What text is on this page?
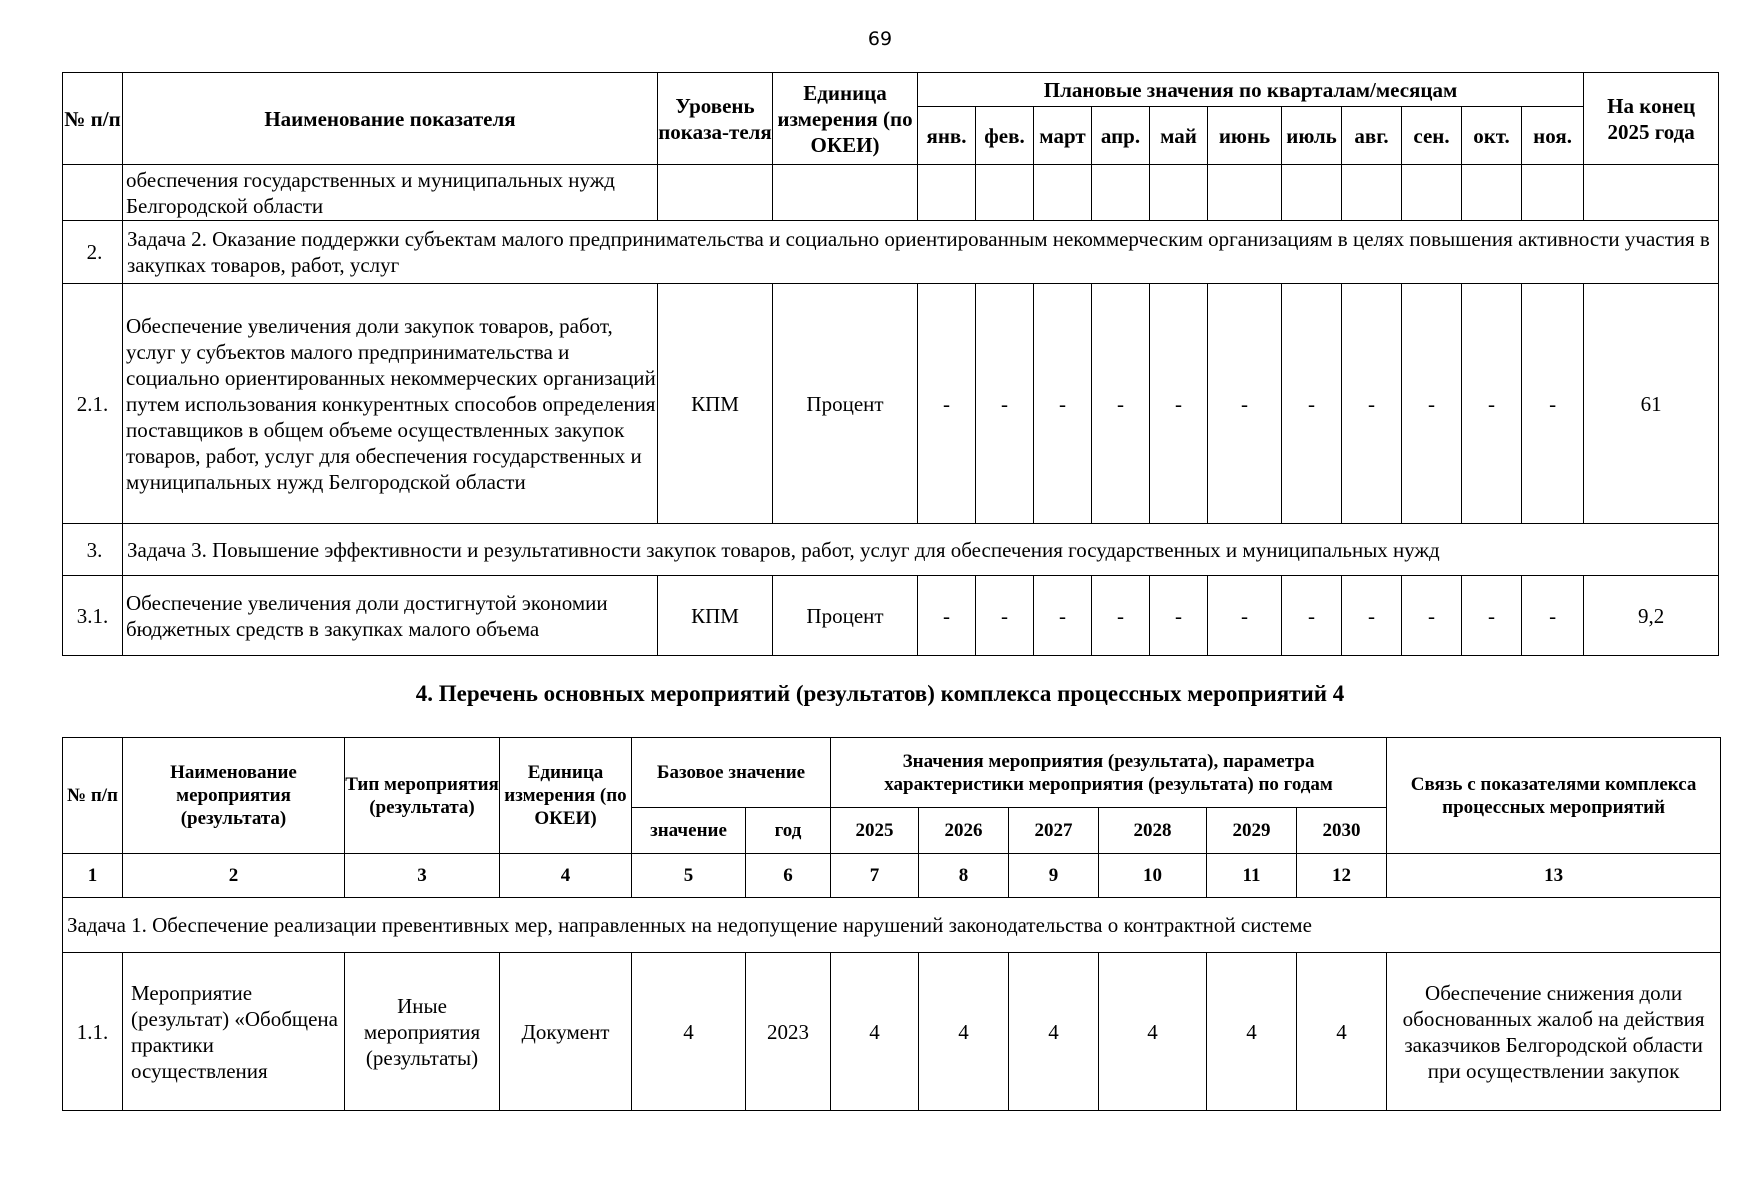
69
№ п/п	Наименование показателя	Уровень показа-теля	Единица измерения (по ОКЕИ)	Плановые значения по кварталам/месяцам											На конец 2025 года
				янв.	фев.	март	апр.	май	июнь	июль	авг.	сен.	окт.	ноя.	
	обеспечения государственных и муниципальных нужд Белгородской области														
2.	Задача 2. Оказание поддержки субъектам малого предпринимательства и социально ориентированным некоммерческим организациям в целях повышения активности участия в закупках товаров, работ, услуг														
2.1.	Обеспечение увеличения доли закупок товаров, работ, услуг у субъектов малого предпринимательства и социально ориентированных некоммерческих организаций путем использования конкурентных способов определения поставщиков в общем объеме осуществленных закупок товаров, работ, услуг для обеспечения государственных и муниципальных нужд Белгородской области	КПМ	Процент	-	-	-	-	-	-	-	-	-	-	-	61
3.	Задача 3. Повышение эффективности и результативности закупок товаров, работ, услуг для обеспечения государственных и муниципальных нужд														
3.1.	Обеспечение увеличения доли достигнутой экономии бюджетных средств в закупках малого объема	КПМ	Процент	-	-	-	-	-	-	-	-	-	-	-	9,2
4. Перечень основных мероприятий (результатов) комплекса процессных мероприятий 4
№ п/п	Наименование мероприятия (результата)	Тип мероприятия (результата)	Единица измерения (по ОКЕИ)	Базовое значение		Значения мероприятия (результата), параметра характеристики мероприятия (результата) по годам						Связь с показателями комплекса процессных мероприятий
				значение	год	2025	2026	2027	2028	2029	2030	
1	2	3	4	5	6	7	8	9	10	11	12	13
Задача 1. Обеспечение реализации превентивных мер, направленных на недопущение нарушений законодательства о контрактной системе												
1.1.	Мероприятие (результат) «Обобщена практики осуществления	Иные мероприятия (результаты)	Документ	4	2023	4	4	4	4	4	4	Обеспечение снижения доли обоснованных жалоб на действия заказчиков Белгородской области при осуществлении закупок
